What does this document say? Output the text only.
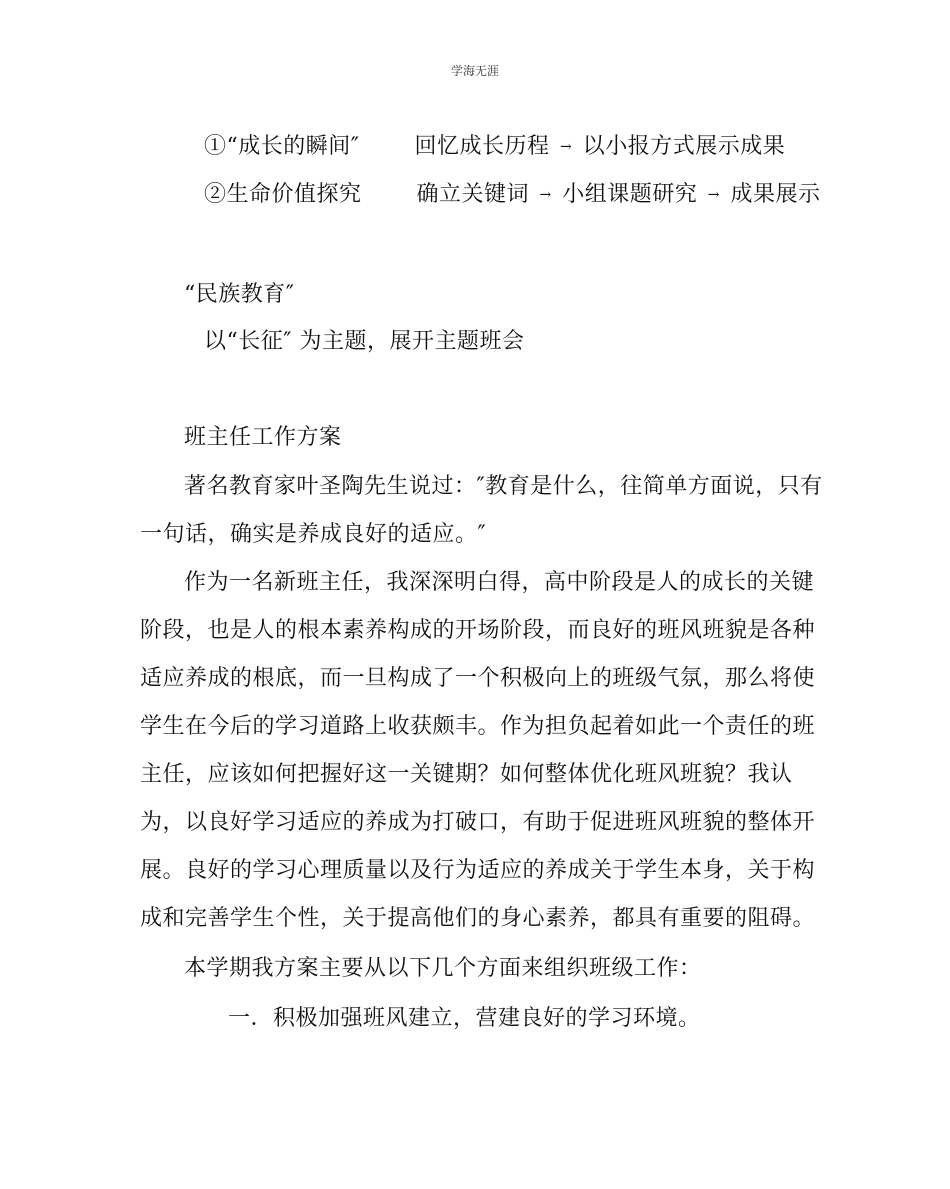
学海无涯
①“成长的瞬间″	回忆成长历程 → 以小报方式展示成果
②生命价值探究	确立关键词 → 小组课题研究 → 成果展示
“民族教育″
以“长征″ 为主题，展开主题班会
班主任工作方案
著名教育家叶圣陶先生说过：″教育是什么，往简单方面说，只有
一句话，确实是养成良好的适应。″
作为一名新班主任，我深深明白得，高中阶段是人的成长的关键
阶段，也是人的根本素养构成的开场阶段，而良好的班风班貌是各种
适应养成的根底，而一旦构成了一个积极向上的班级气氛，那么将使
学生在今后的学习道路上收获颇丰。作为担负起着如此一个责任的班
主任，应该如何把握好这一关键期？如何整体优化班风班貌？我认
为，以良好学习适应的养成为打破口，有助于促进班风班貌的整体开
展。良好的学习心理质量以及行为适应的养成关于学生本身，关于构
成和完善学生个性，关于提高他们的身心素养，都具有重要的阻碍。
本学期我方案主要从以下几个方面来组织班级工作：
一．积极加强班风建立，营建良好的学习环境。
